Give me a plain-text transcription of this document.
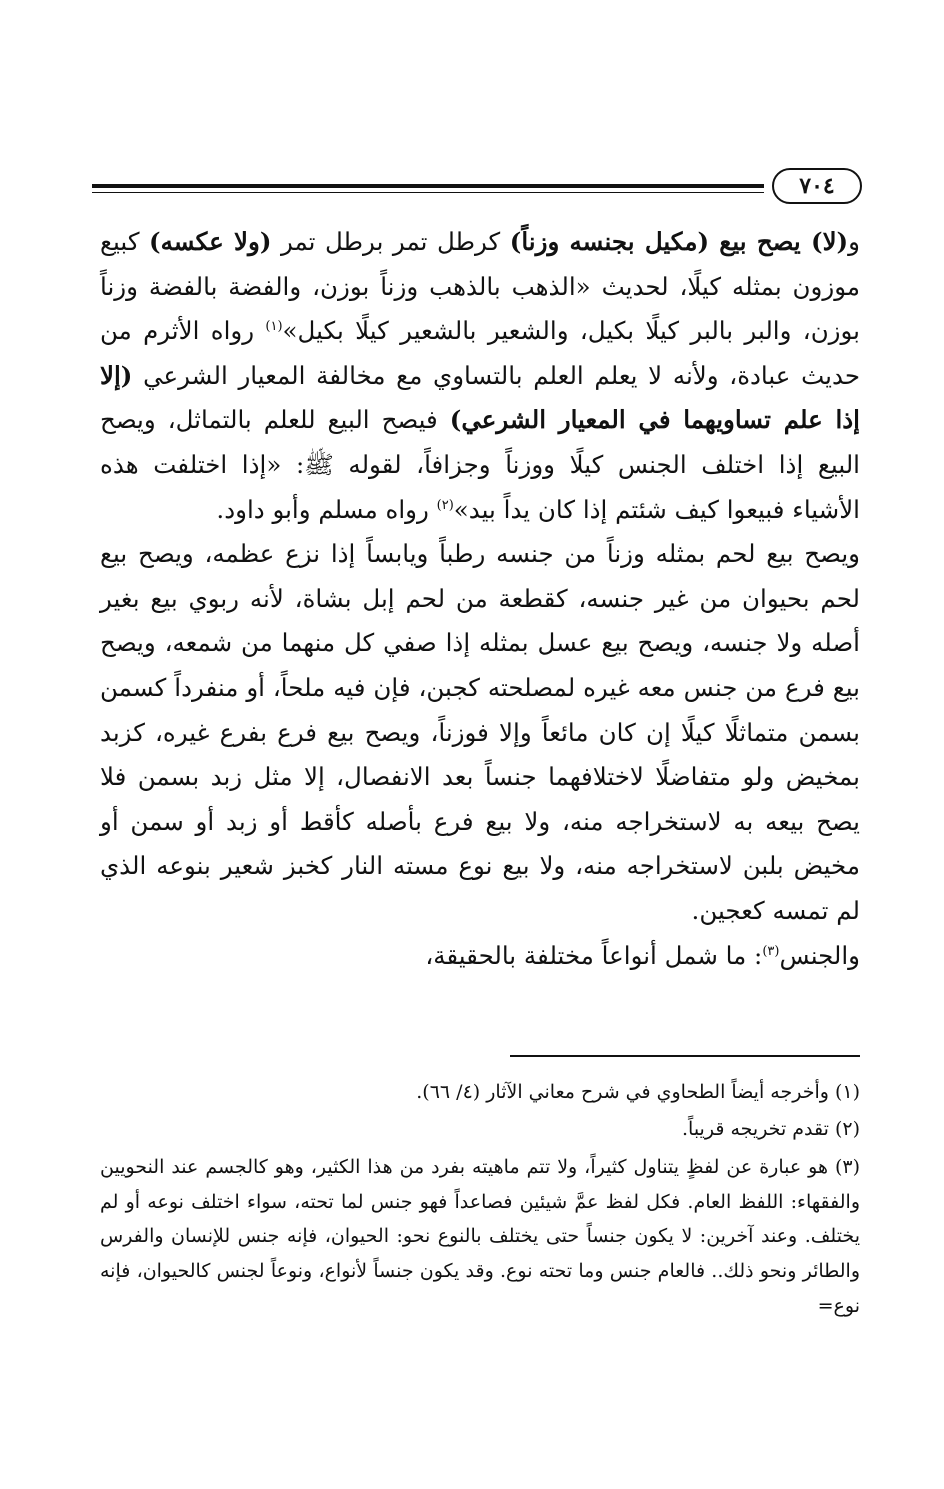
٧٠٤

و(لا) يصح بيع (مكيل بجنسه وزناً) كرطل تمر برطل تمر (ولا عكسه) كبيع موزون بمثله كيلًا، لحديث «الذهب بالذهب وزناً بوزن، والفضة بالفضة وزناً بوزن، والبر بالبر كيلًا بكيل، والشعير بالشعير كيلًا بكيل»$^{(١)}$ رواه الأثرم من حديث عبادة، ولأنه لا يعلم العلم بالتساوي مع مخالفة المعيار الشرعي (إلا إذا علم تساويهما في المعيار الشرعي) فيصح البيع للعلم بالتماثل، ويصح البيع إذا اختلف الجنس كيلًا ووزناً وجزافاً، لقوله ﷺ: «إذا اختلفت هذه الأشياء فبيعوا كيف شئتم إذا كان يداً بيد»$^{(٢)}$ رواه مسلم وأبو داود.

ويصح بيع لحم بمثله وزناً من جنسه رطباً ويابساً إذا نزع عظمه، ويصح بيع لحم بحيوان من غير جنسه، كقطعة من لحم إبل بشاة، لأنه ربوي بيع بغير أصله ولا جنسه، ويصح بيع عسل بمثله إذا صفي كل منهما من شمعه، ويصح بيع فرع من جنس معه غيره لمصلحته كجبن، فإن فيه ملحاً، أو منفرداً كسمن بسمن متماثلًا كيلًا إن كان مائعاً وإلا فوزناً، ويصح بيع فرع بفرع غيره، كزبد بمخيض ولو متفاضلًا لاختلافهما جنساً بعد الانفصال، إلا مثل زبد بسمن فلا يصح بيعه به لاستخراجه منه، ولا بيع فرع بأصله كأقط أو زبد أو سمن أو مخيض بلبن لاستخراجه منه، ولا بيع نوع مسته النار كخبز شعير بنوعه الذي لم تمسه كعجين.

والجنس$^{(٣)}$: ما شمل أنواعاً مختلفة بالحقيقة،

(١) وأخرجه أيضاً الطحاوي في شرح معاني الآثار (٤/ ٦٦).

(٢) تقدم تخريجه قريباً.

(٣) هو عبارة عن لفظٍ يتناول كثيراً، ولا تتم ماهيته بفرد من هذا الكثير، وهو كالجسم عند النحويين والفقهاء: اللفظ العام. فكل لفظ عمَّ شيئين فصاعداً فهو جنس لما تحته، سواء اختلف نوعه أو لم يختلف. وعند آخرين: لا يكون جنساً حتى يختلف بالنوع نحو: الحيوان، فإنه جنس للإنسان والفرس والطائر ونحو ذلك.. فالعام جنس وما تحته نوع. وقد يكون جنساً لأنواع، ونوعاً لجنس كالحيوان، فإنه نوع=
